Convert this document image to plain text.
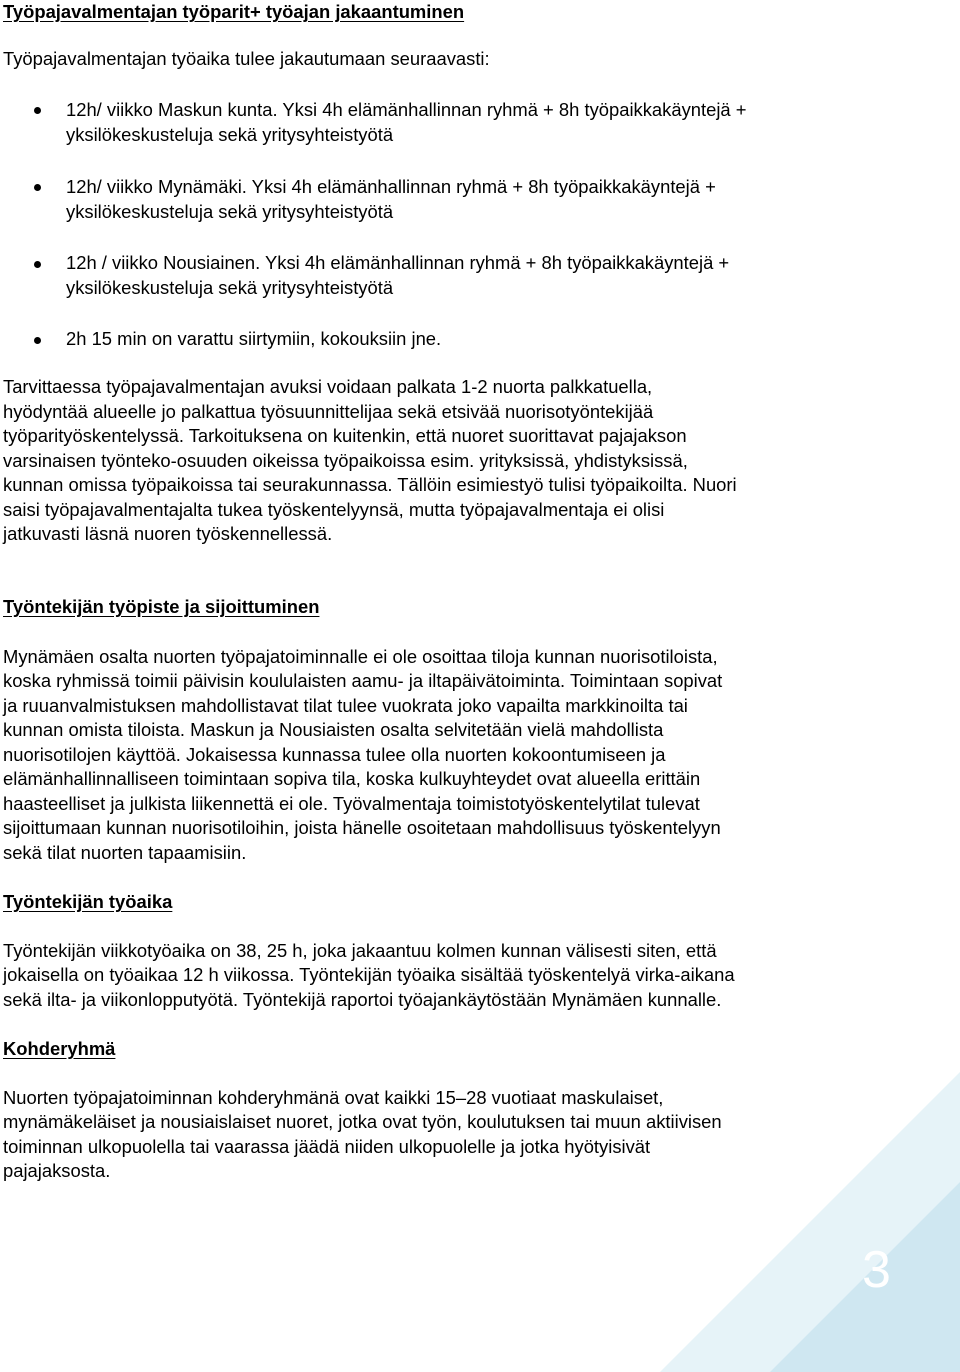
Työpajavalmentajan työparit+ työajan jakaantuminen
Työpajavalmentajan työaika tulee jakautumaan seuraavasti:
12h/ viikko Maskun kunta. Yksi 4h elämänhallinnan ryhmä + 8h työpaikkakäyntejä +
yksilökeskusteluja sekä yritysyhteistyötä
12h/ viikko Mynämäki. Yksi 4h elämänhallinnan ryhmä + 8h työpaikkakäyntejä +
yksilökeskusteluja sekä yritysyhteistyötä
12h / viikko Nousiainen. Yksi 4h elämänhallinnan ryhmä + 8h työpaikkakäyntejä +
yksilökeskusteluja sekä yritysyhteistyötä
2h 15 min on varattu siirtymiin, kokouksiin jne.
Tarvittaessa työpajavalmentajan avuksi voidaan palkata 1-2 nuorta palkkatuella,
hyödyntää alueelle jo palkattua työsuunnittelijaa sekä etsivää nuorisotyöntekijää
työparityöskentelyssä. Tarkoituksena on kuitenkin, että nuoret suorittavat pajajakson
varsinaisen työnteko-osuuden oikeissa työpaikoissa esim. yrityksissä, yhdistyksissä,
kunnan omissa työpaikoissa tai seurakunnassa. Tällöin esimiestyö tulisi työpaikoilta. Nuori
saisi työpajavalmentajalta tukea työskentelyynsä, mutta työpajavalmentaja ei olisi
jatkuvasti läsnä nuoren työskennellessä.
Työntekijän työpiste ja sijoittuminen
Mynämäen osalta nuorten työpajatoiminnalle ei ole osoittaa tiloja kunnan nuorisotiloista,
koska ryhmissä toimii päivisin koululaisten aamu- ja iltapäivätoiminta. Toimintaan sopivat
ja ruuanvalmistuksen mahdollistavat tilat tulee vuokrata joko vapailta markkinoilta tai
kunnan omista tiloista. Maskun ja Nousiaisten osalta selvitetään vielä mahdollista
nuorisotilojen käyttöä. Jokaisessa kunnassa tulee olla nuorten kokoontumiseen ja
elämänhallinnalliseen toimintaan sopiva tila, koska kulkuyhteydet ovat alueella erittäin
haasteelliset ja julkista liikennettä ei ole. Työvalmentaja toimistotyöskentelytilat tulevat
sijoittumaan kunnan nuorisotiloihin, joista hänelle osoitetaan mahdollisuus työskentelyyn
sekä tilat nuorten tapaamisiin.
Työntekijän työaika
Työntekijän viikkotyöaika on 38, 25 h, joka jakaantuu kolmen kunnan välisesti siten, että
jokaisella on työaikaa 12 h viikossa. Työntekijän työaika sisältää työskentelyä virka-aikana
sekä ilta- ja viikonlopputyötä. Työntekijä raportoi työajankäytöstään Mynämäen kunnalle.
Kohderyhmä
Nuorten työpajatoiminnan kohderyhmänä ovat kaikki 15–28 vuotiaat maskulaiset,
mynämäkeläiset ja nousiaislaiset nuoret, jotka ovat työn, koulutuksen tai muun aktiivisen
toiminnan ulkopuolella tai vaarassa jäädä niiden ulkopuolelle ja jotka hyötyisivät
pajajaksosta.
3
